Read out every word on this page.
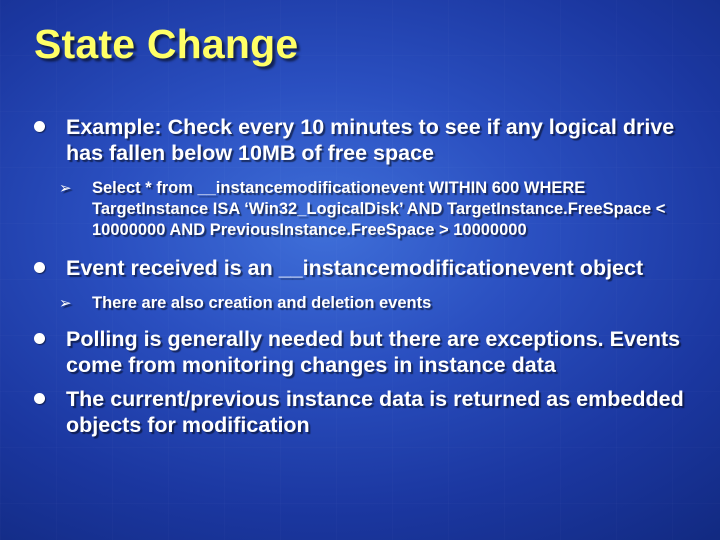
State Change
Example: Check every 10 minutes to see if any logical drive has fallen below 10MB of free space
➢ Select * from __instancemodificationevent WITHIN 600 WHERE TargetInstance ISA ‘Win32_LogicalDisk’ AND TargetInstance.FreeSpace < 10000000 AND PreviousInstance.FreeSpace > 10000000
Event received is an __instancemodificationevent object
➢ There are also creation and deletion events
Polling is generally needed but there are exceptions. Events come from monitoring changes in instance data
The current/previous instance data is returned as embedded objects for modification
